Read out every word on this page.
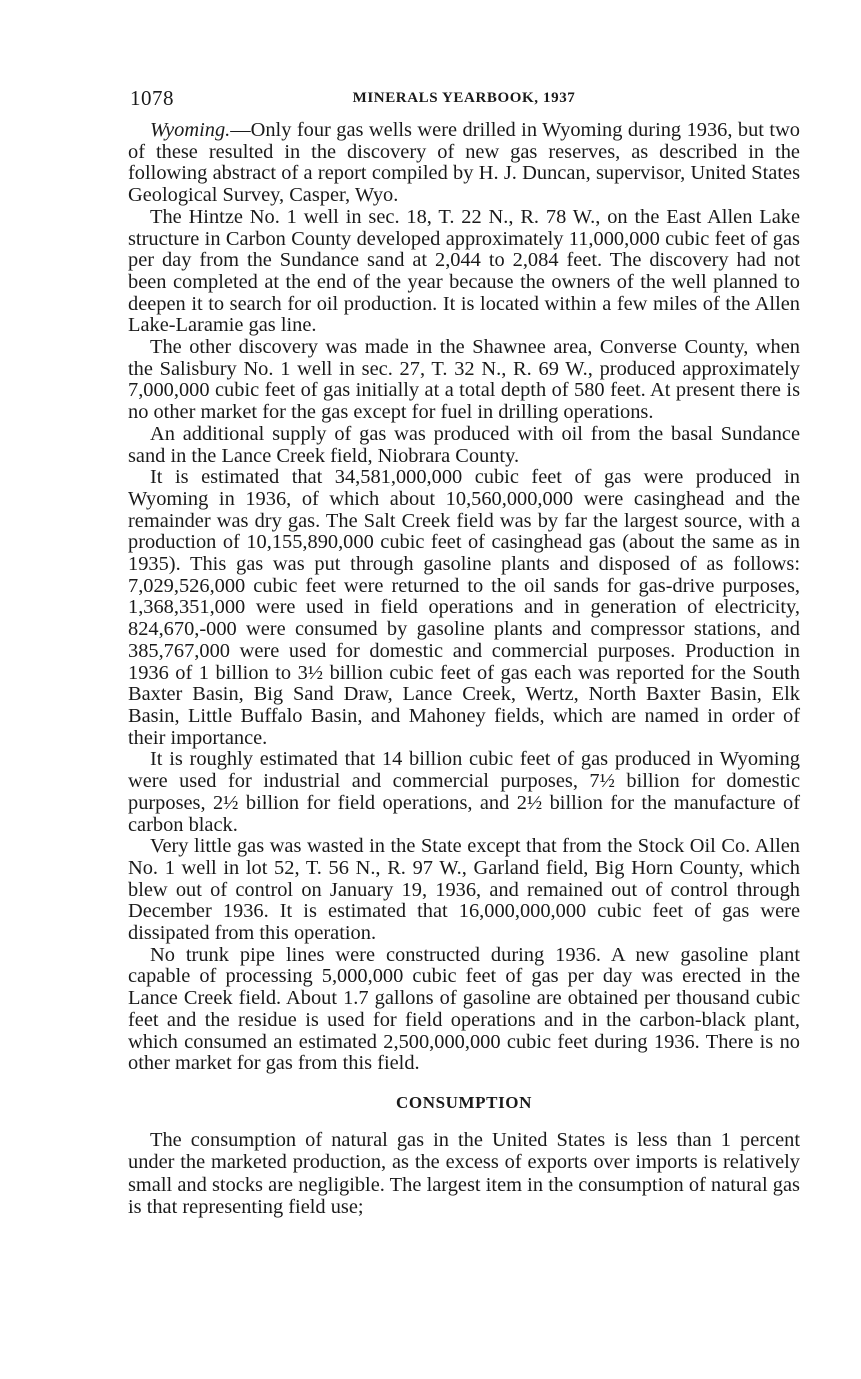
1078	MINERALS YEARBOOK, 1937

Wyoming.—Only four gas wells were drilled in Wyoming during 1936, but two of these resulted in the discovery of new gas reserves, as described in the following abstract of a report compiled by H. J. Duncan, supervisor, United States Geological Survey, Casper, Wyo.

The Hintze No. 1 well in sec. 18, T. 22 N., R. 78 W., on the East Allen Lake structure in Carbon County developed approximately 11,000,000 cubic feet of gas per day from the Sundance sand at 2,044 to 2,084 feet. The discovery had not been completed at the end of the year because the owners of the well planned to deepen it to search for oil production. It is located within a few miles of the Allen Lake-Laramie gas line.

The other discovery was made in the Shawnee area, Converse County, when the Salisbury No. 1 well in sec. 27, T. 32 N., R. 69 W., produced approximately 7,000,000 cubic feet of gas initially at a total depth of 580 feet. At present there is no other market for the gas except for fuel in drilling operations.

An additional supply of gas was produced with oil from the basal Sundance sand in the Lance Creek field, Niobrara County.

It is estimated that 34,581,000,000 cubic feet of gas were produced in Wyoming in 1936, of which about 10,560,000,000 were casinghead and the remainder was dry gas. The Salt Creek field was by far the largest source, with a production of 10,155,890,000 cubic feet of casinghead gas (about the same as in 1935). This gas was put through gasoline plants and disposed of as follows: 7,029,526,000 cubic feet were returned to the oil sands for gas-drive purposes, 1,368,351,000 were used in field operations and in generation of electricity, 824,670,-000 were consumed by gasoline plants and compressor stations, and 385,767,000 were used for domestic and commercial purposes. Production in 1936 of 1 billion to 3½ billion cubic feet of gas each was reported for the South Baxter Basin, Big Sand Draw, Lance Creek, Wertz, North Baxter Basin, Elk Basin, Little Buffalo Basin, and Mahoney fields, which are named in order of their importance.

It is roughly estimated that 14 billion cubic feet of gas produced in Wyoming were used for industrial and commercial purposes, 7½ billion for domestic purposes, 2½ billion for field operations, and 2½ billion for the manufacture of carbon black.

Very little gas was wasted in the State except that from the Stock Oil Co. Allen No. 1 well in lot 52, T. 56 N., R. 97 W., Garland field, Big Horn County, which blew out of control on January 19, 1936, and remained out of control through December 1936. It is estimated that 16,000,000,000 cubic feet of gas were dissipated from this operation.

No trunk pipe lines were constructed during 1936. A new gasoline plant capable of processing 5,000,000 cubic feet of gas per day was erected in the Lance Creek field. About 1.7 gallons of gasoline are obtained per thousand cubic feet and the residue is used for field operations and in the carbon-black plant, which consumed an estimated 2,500,000,000 cubic feet during 1936. There is no other market for gas from this field.

CONSUMPTION

The consumption of natural gas in the United States is less than 1 percent under the marketed production, as the excess of exports over imports is relatively small and stocks are negligible. The largest item in the consumption of natural gas is that representing field use;
